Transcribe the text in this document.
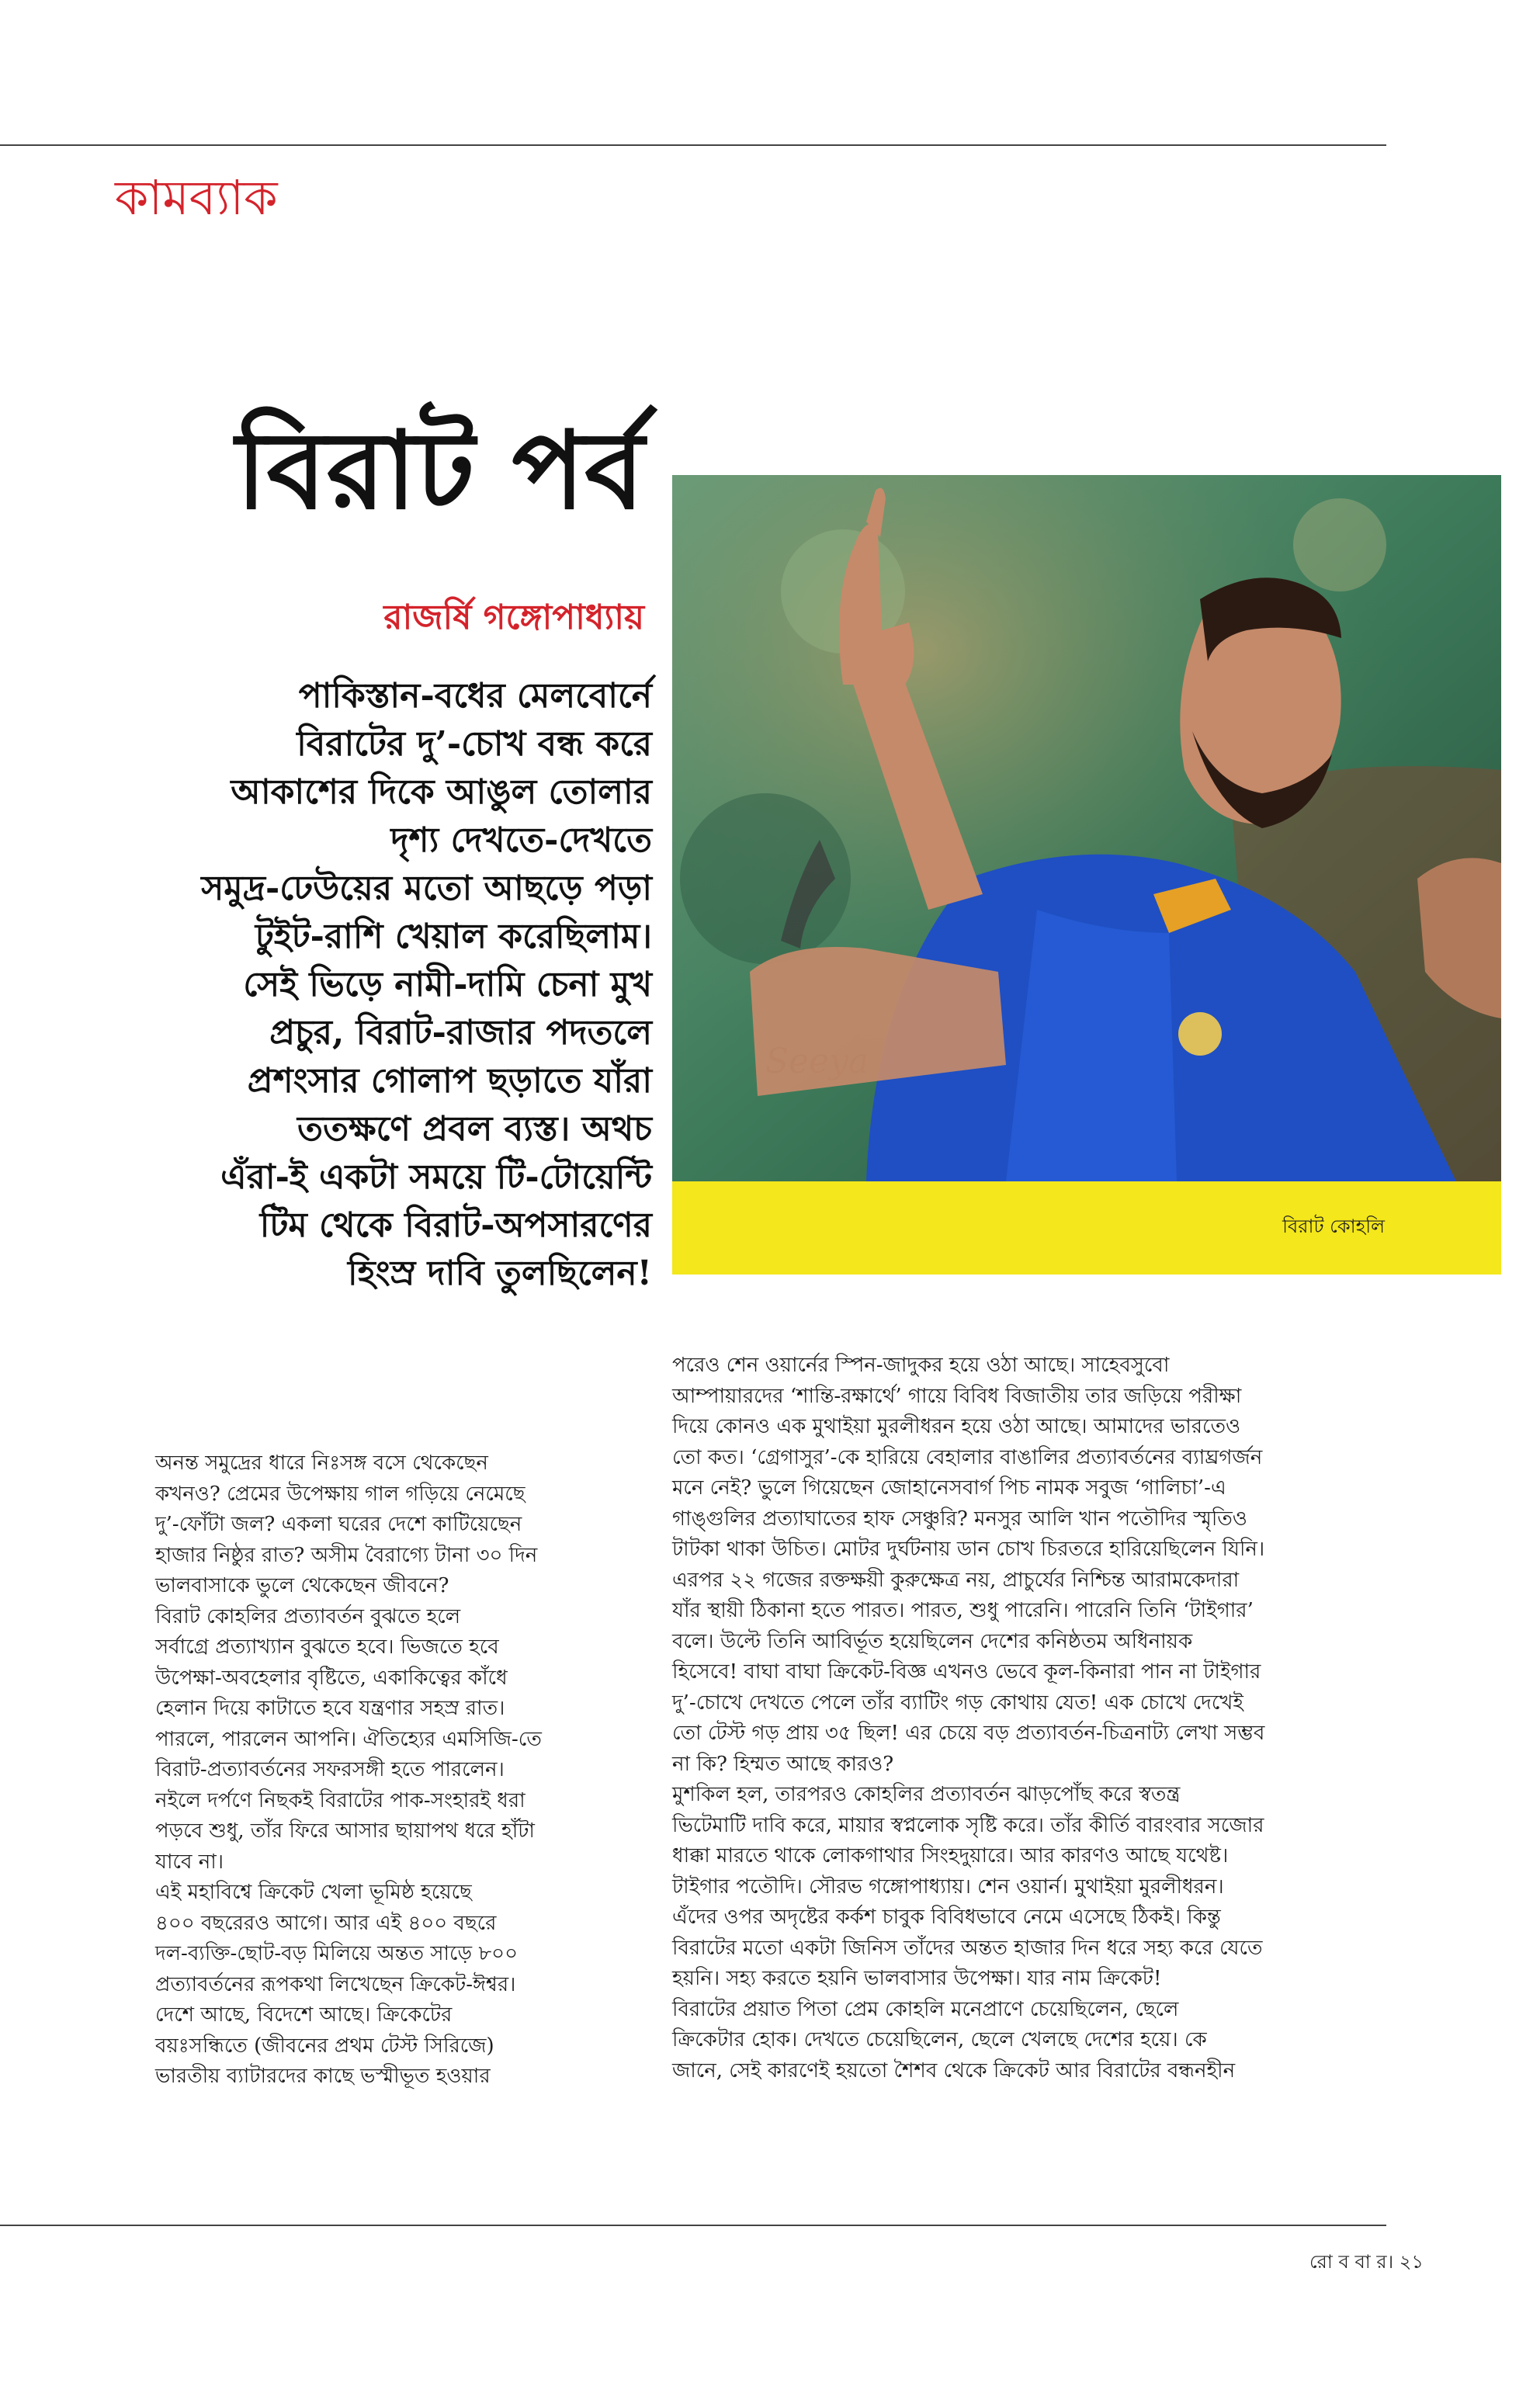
কামব্যাক
বিরাট পর্ব
রাজর্ষি গঙ্গোপাধ্যায়
পাকিস্তান-বধের মেলবোর্নে
বিরাটের দু’-চোখ বন্ধ করে
আকাশের দিকে আঙুল তোলার
দৃশ্য দেখতে-দেখতে
সমুদ্র-ঢেউয়ের মতো আছড়ে পড়া
টুইট-রাশি খেয়াল করেছিলাম।
সেই ভিড়ে নামী-দামি চেনা মুখ
প্রচুর, বিরাট-রাজার পদতলে
প্রশংসার গোলাপ ছড়াতে যাঁরা
ততক্ষণে প্রবল ব্যস্ত। অথচ
এঁরা-ই একটা সময়ে টি-টোয়েন্টি
টিম থেকে বিরাট-অপসারণের
হিংস্র দাবি তুলছিলেন!
বিরাট কোহলি
অনন্ত সমুদ্রের ধারে নিঃসঙ্গ বসে থেকেছেন
কখনও? প্রেমের উপেক্ষায় গাল গড়িয়ে নেমেছে
দু’-ফোঁটা জল? একলা ঘরের দেশে কাটিয়েছেন
হাজার নিষ্ঠুর রাত? অসীম বৈরাগ্যে টানা ৩০ দিন
ভালবাসাকে ভুলে থেকেছেন জীবনে?
বিরাট কোহলির প্রত্যাবর্তন বুঝতে হলে
সর্বাগ্রে প্রত্যাখ্যান বুঝতে হবে। ভিজতে হবে
উপেক্ষা-অবহেলার বৃষ্টিতে, একাকিত্বের কাঁধে
হেলান দিয়ে কাটাতে হবে যন্ত্রণার সহস্র রাত।
পারলে, পারলেন আপনি। ঐতিহ্যের এমসিজি-তে
বিরাট-প্রত্যাবর্তনের সফরসঙ্গী হতে পারলেন।
নইলে দর্পণে নিছকই বিরাটের পাক-সংহারই ধরা
পড়বে শুধু, তাঁর ফিরে আসার ছায়াপথ ধরে হাঁটা
যাবে না।
এই মহাবিশ্বে ক্রিকেট খেলা ভূমিষ্ঠ হয়েছে
৪০০ বছরেরও আগে। আর এই ৪০০ বছরে
দল-ব্যক্তি-ছোট-বড় মিলিয়ে অন্তত সাড়ে ৮০০
প্রত্যাবর্তনের রূপকথা লিখেছেন ক্রিকেট-ঈশ্বর।
দেশে আছে, বিদেশে আছে। ক্রিকেটের
বয়ঃসন্ধিতে (জীবনের প্রথম টেস্ট সিরিজে)
ভারতীয় ব্যাটারদের কাছে ভস্মীভূত হওয়ার
পরেও শেন ওয়ার্নের স্পিন-জাদুকর হয়ে ওঠা আছে। সাহেবসুবো
আম্পায়ারদের ‘শান্তি-রক্ষার্থে’ গায়ে বিবিধ বিজাতীয় তার জড়িয়ে পরীক্ষা
দিয়ে কোনও এক মুথাইয়া মুরলীধরন হয়ে ওঠা আছে। আমাদের ভারতেও
তো কত। ‘গ্রেগাসুর’-কে হারিয়ে বেহালার বাঙালির প্রত্যাবর্তনের ব্যাঘ্রগর্জন
মনে নেই? ভুলে গিয়েছেন জোহানেসবার্গ পিচ নামক সবুজ ‘গালিচা’-এ
গাঙ্গুলির প্রত্যাঘাতের হাফ সেঞ্চুরি? মনসুর আলি খান পতৌদির স্মৃতিও
টাটকা থাকা উচিত। মোটর দুর্ঘটনায় ডান চোখ চিরতরে হারিয়েছিলেন যিনি।
এরপর ২২ গজের রক্তক্ষয়ী কুরুক্ষেত্র নয়, প্রাচুর্যের নিশ্চিন্ত আরামকেদারা
যাঁর স্থায়ী ঠিকানা হতে পারত। পারত, শুধু পারেনি। পারেনি তিনি ‘টাইগার’
বলে। উল্টে তিনি আবির্ভূত হয়েছিলেন দেশের কনিষ্ঠতম অধিনায়ক
হিসেবে! বাঘা বাঘা ক্রিকেট-বিজ্ঞ এখনও ভেবে কূল-কিনারা পান না টাইগার
দু’-চোখে দেখতে পেলে তাঁর ব্যাটিং গড় কোথায় যেত! এক চোখে দেখেই
তো টেস্ট গড় প্রায় ৩৫ ছিল! এর চেয়ে বড় প্রত্যাবর্তন-চিত্রনাট্য লেখা সম্ভব
না কি? হিম্মত আছে কারও?
মুশকিল হল, তারপরও কোহলির প্রত্যাবর্তন ঝাড়পোঁছ করে স্বতন্ত্র
ভিটেমাটি দাবি করে, মায়ার স্বপ্নলোক সৃষ্টি করে। তাঁর কীর্তি বারংবার সজোর
ধাক্কা মারতে থাকে লোকগাথার সিংহদুয়ারে। আর কারণও আছে যথেষ্ট।
টাইগার পতৌদি। সৌরভ গঙ্গোপাধ্যায়। শেন ওয়ার্ন। মুথাইয়া মুরলীধরন।
এঁদের ওপর অদৃষ্টের কর্কশ চাবুক বিবিধভাবে নেমে এসেছে ঠিকই। কিন্তু
বিরাটের মতো একটা জিনিস তাঁদের অন্তত হাজার দিন ধরে সহ্য করে যেতে
হয়নি। সহ্য করতে হয়নি ভালবাসার উপেক্ষা। যার নাম ক্রিকেট!
বিরাটের প্রয়াত পিতা প্রেম কোহলি মনেপ্রাণে চেয়েছিলেন, ছেলে
ক্রিকেটার হোক। দেখতে চেয়েছিলেন, ছেলে খেলছে দেশের হয়ে। কে
জানে, সেই কারণেই হয়তো শৈশব থেকে ক্রিকেট আর বিরাটের বন্ধনহীন
রো ব বা র। ২১
